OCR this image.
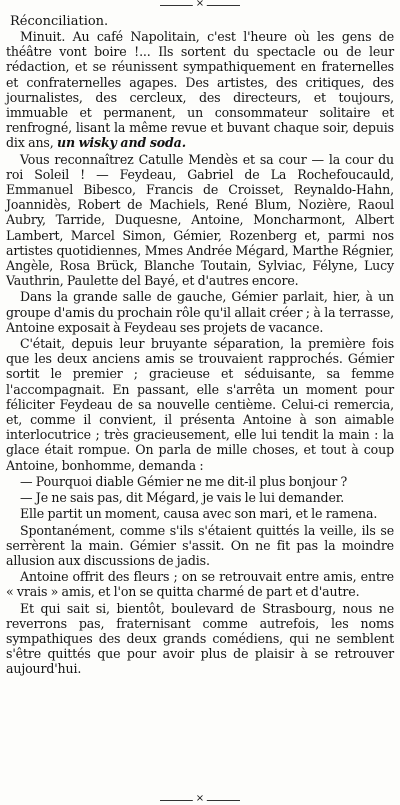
×
Réconciliation.

Minuit. Au café Napolitain, c'est l'heure où les gens de théâtre vont boire !... Ils sortent du spectacle ou de leur rédaction, et se réunissent sympathiquement en fraternelles et confraternelles agapes. Des artistes, des critiques, des journalistes, des cercleux, des directeurs, et toujours, immuable et permanent, un consommateur solitaire et renfrogné, lisant la même revue et buvant chaque soir, depuis dix ans, un wisky and soda.

Vous reconnaîtrez Catulle Mendès et sa cour — la cour du roi Soleil ! — Feydeau, Gabriel de La Rochefoucauld, Emmanuel Bibesco, Francis de Croisset, Reynaldo-Hahn, Joannidès, Robert de Machiels, René Blum, Nozière, Raoul Aubry, Tarride, Duquesne, Antoine, Moncharmont, Albert Lambert, Marcel Simon, Gémier, Rozenberg et, parmi nos artistes quotidiennes, Mmes Andrée Mégard, Marthe Régnier, Angèle, Rosa Brück, Blanche Toutain, Sylviac, Félyne, Lucy Vauthrin, Paulette del Bayé, et d'autres encore.

Dans la grande salle de gauche, Gémier parlait, hier, à un groupe d'amis du prochain rôle qu'il allait créer ; à la terrasse, Antoine exposait à Feydeau ses projets de vacance.

C'était, depuis leur bruyante séparation, la première fois que les deux anciens amis se trouvaient rapprochés. Gémier sortit le premier ; gracieuse et séduisante, sa femme l'accompagnait. En passant, elle s'arrêta un moment pour féliciter Feydeau de sa nouvelle centième. Celui-ci remercia, et, comme il convient, il présenta Antoine à son aimable interlocutrice ; très gracieusement, elle lui tendit la main : la glace était rompue. On parla de mille choses, et tout à coup Antoine, bonhomme, demanda :

— Pourquoi diable Gémier ne me dit-il plus bonjour ?

— Je ne sais pas, dit Mégard, je vais le lui demander.

Elle partit un moment, causa avec son mari, et le ramena.

Spontanément, comme s'ils s'étaient quittés la veille, ils se serrèrent la main. Gémier s'assit. On ne fit pas la moindre allusion aux discussions de jadis.

Antoine offrit des fleurs ; on se retrouvait entre amis, entre « vrais » amis, et l'on se quitta charmé de part et d'autre.

Et qui sait si, bientôt, boulevard de Strasbourg, nous ne reverrons pas, fraternisant comme autrefois, les noms sympathiques des deux grands comédiens, qui ne semblent s'être quittés que pour avoir plus de plaisir à se retrouver aujourd'hui.

×
